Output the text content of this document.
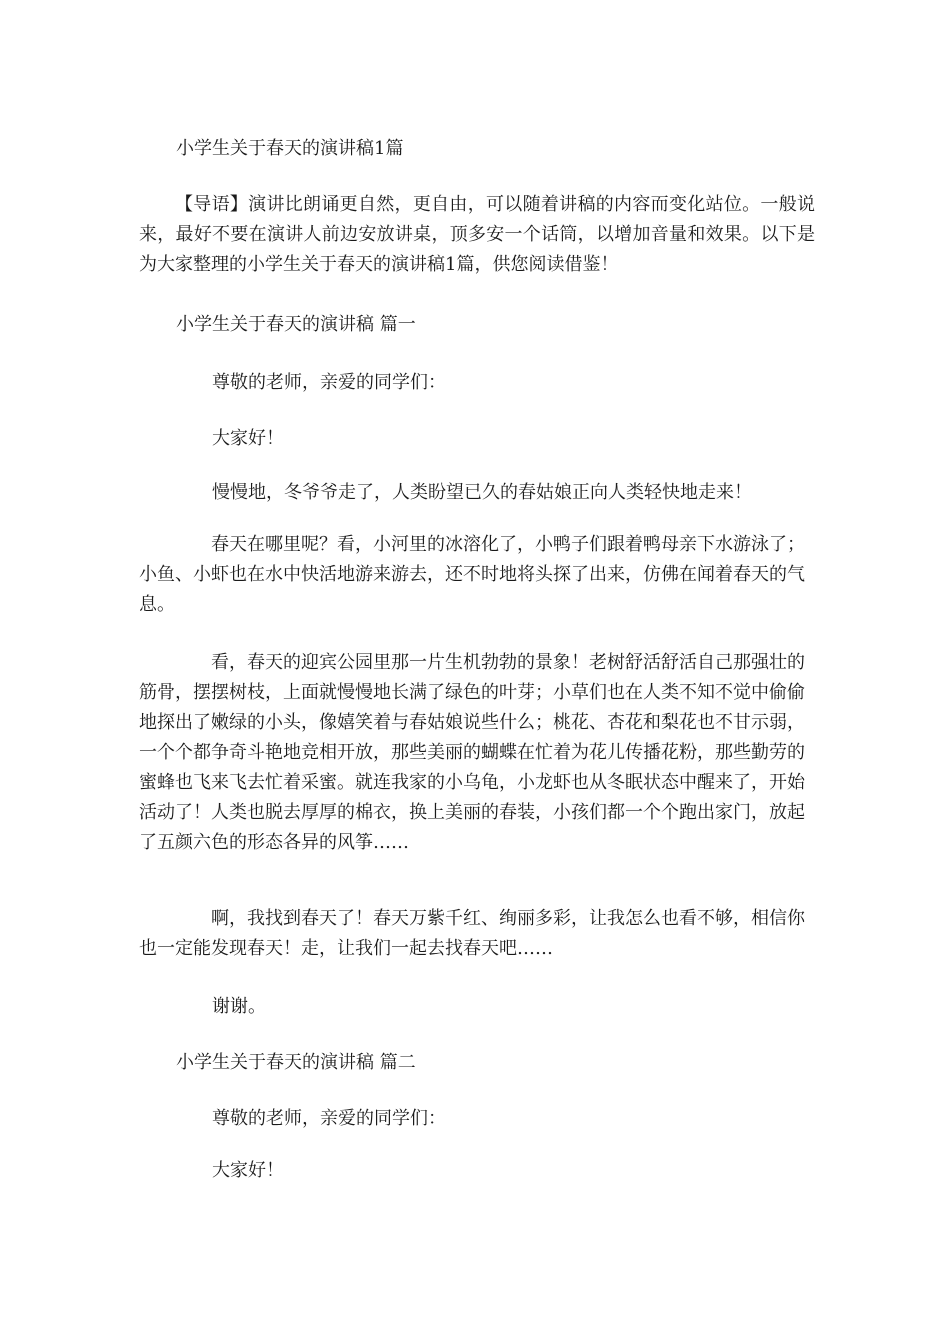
小学生关于春天的演讲稿1篇

【导语】演讲比朗诵更自然，更自由，可以随着讲稿的内容而变化站位。一般说来，最好不要在演讲人前边安放讲桌，顶多安一个话筒，以增加音量和效果。以下是为大家整理的小学生关于春天的演讲稿1篇，供您阅读借鉴！

小学生关于春天的演讲稿 篇一

尊敬的老师，亲爱的同学们：

大家好！

慢慢地，冬爷爷走了，人类盼望已久的春姑娘正向人类轻快地走来！

春天在哪里呢？看，小河里的冰溶化了，小鸭子们跟着鸭母亲下水游泳了；小鱼、小虾也在水中快活地游来游去，还不时地将头探了出来，仿佛在闻着春天的气息。

看，春天的迎宾公园里那一片生机勃勃的景象！老树舒活舒活自己那强壮的筋骨，摆摆树枝，上面就慢慢地长满了绿色的叶芽；小草们也在人类不知不觉中偷偷地探出了嫩绿的小头，像嬉笑着与春姑娘说些什么；桃花、杏花和梨花也不甘示弱，一个个都争奇斗艳地竞相开放，那些美丽的蝴蝶在忙着为花儿传播花粉，那些勤劳的蜜蜂也飞来飞去忙着采蜜。就连我家的小乌龟，小龙虾也从冬眠状态中醒来了，开始活动了！人类也脱去厚厚的棉衣，换上美丽的春装，小孩们都一个个跑出家门，放起了五颜六色的形态各异的风筝……

啊，我找到春天了！春天万紫千红、绚丽多彩，让我怎么也看不够，相信你也一定能发现春天！走，让我们一起去找春天吧……

谢谢。

小学生关于春天的演讲稿 篇二

尊敬的老师，亲爱的同学们：

大家好！
